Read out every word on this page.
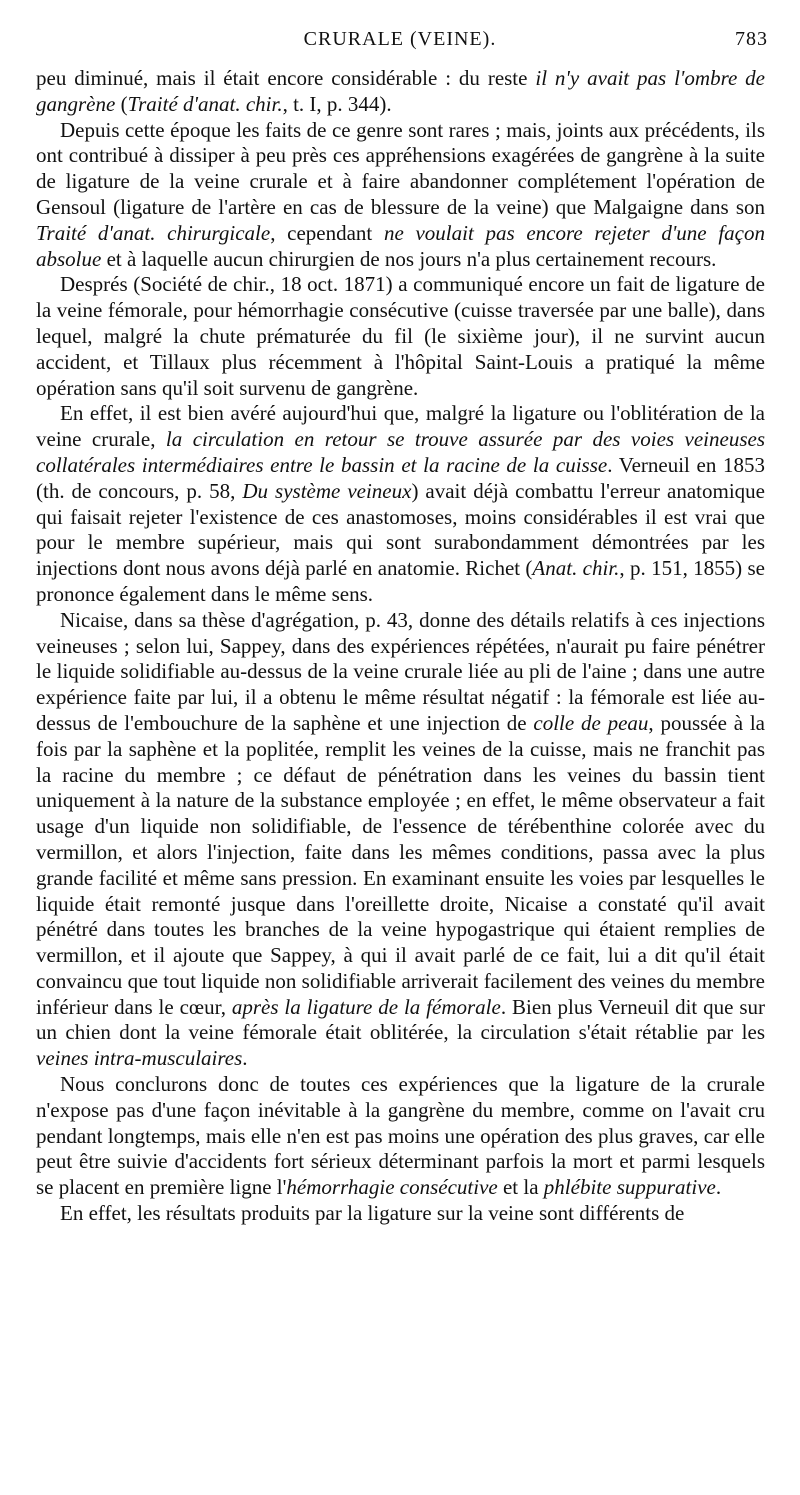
CRURALE (VEINE).	783

peu diminué, mais il était encore considérable : du reste il n'y avait pas l'ombre de gangrène (Traité d'anat. chir., t. I, p. 344).

Depuis cette époque les faits de ce genre sont rares ; mais, joints aux précédents, ils ont contribué à dissiper à peu près ces appréhensions exagérées de gangrène à la suite de ligature de la veine crurale et à faire abandonner complétement l'opération de Gensoul (ligature de l'artère en cas de blessure de la veine) que Malgaigne dans son Traité d'anat. chirurgicale, cependant ne voulait pas encore rejeter d'une façon absolue et à laquelle aucun chirurgien de nos jours n'a plus certainement recours.

Després (Société de chir., 18 oct. 1871) a communiqué encore un fait de ligature de la veine fémorale, pour hémorrhagie consécutive (cuisse traversée par une balle), dans lequel, malgré la chute prématurée du fil (le sixième jour), il ne survint aucun accident, et Tillaux plus récemment à l'hôpital Saint-Louis a pratiqué la même opération sans qu'il soit survenu de gangrène.

En effet, il est bien avéré aujourd'hui que, malgré la ligature ou l'oblitération de la veine crurale, la circulation en retour se trouve assurée par des voies veineuses collatérales intermédiaires entre le bassin et la racine de la cuisse. Verneuil en 1853 (th. de concours, p. 58, Du système veineux) avait déjà combattu l'erreur anatomique qui faisait rejeter l'existence de ces anastomoses, moins considérables il est vrai que pour le membre supérieur, mais qui sont surabondamment démontrées par les injections dont nous avons déjà parlé en anatomie. Richet (Anat. chir., p. 151, 1855) se prononce également dans le même sens.

Nicaise, dans sa thèse d'agrégation, p. 43, donne des détails relatifs à ces injections veineuses ; selon lui, Sappey, dans des expériences répétées, n'aurait pu faire pénétrer le liquide solidifiable au-dessus de la veine crurale liée au pli de l'aine ; dans une autre expérience faite par lui, il a obtenu le même résultat négatif : la fémorale est liée au-dessus de l'embouchure de la saphène et une injection de colle de peau, poussée à la fois par la saphène et la poplitée, remplit les veines de la cuisse, mais ne franchit pas la racine du membre ; ce défaut de pénétration dans les veines du bassin tient uniquement à la nature de la substance employée ; en effet, le même observateur a fait usage d'un liquide non solidifiable, de l'essence de térébenthine colorée avec du vermillon, et alors l'injection, faite dans les mêmes conditions, passa avec la plus grande facilité et même sans pression. En examinant ensuite les voies par lesquelles le liquide était remonté jusque dans l'oreillette droite, Nicaise a constaté qu'il avait pénétré dans toutes les branches de la veine hypogastrique qui étaient remplies de vermillon, et il ajoute que Sappey, à qui il avait parlé de ce fait, lui a dit qu'il était convaincu que tout liquide non solidifiable arriverait facilement des veines du membre inférieur dans le cœur, après la ligature de la fémorale. Bien plus Verneuil dit que sur un chien dont la veine fémorale était oblitérée, la circulation s'était rétablie par les veines intra-musculaires.

Nous conclurons donc de toutes ces expériences que la ligature de la crurale n'expose pas d'une façon inévitable à la gangrène du membre, comme on l'avait cru pendant longtemps, mais elle n'en est pas moins une opération des plus graves, car elle peut être suivie d'accidents fort sérieux déterminant parfois la mort et parmi lesquels se placent en première ligne l'hémorrhagie consécutive et la phlébite suppurative.

En effet, les résultats produits par la ligature sur la veine sont différents de
